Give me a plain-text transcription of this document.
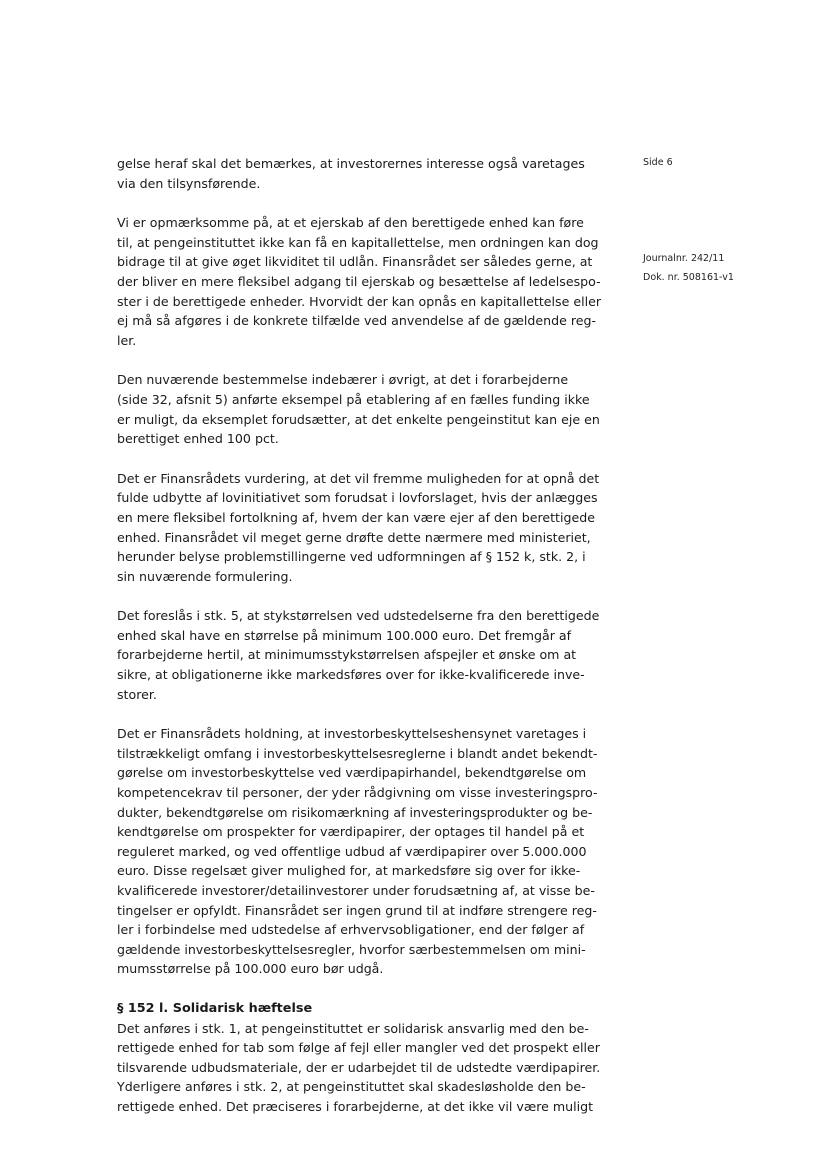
gelse heraf skal det bemærkes, at investorernes interesse også varetages
via den tilsynsførende.

Vi er opmærksomme på, at et ejerskab af den berettigede enhed kan føre
til, at pengeinstituttet ikke kan få en kapitallettelse, men ordningen kan dog
bidrage til at give øget likviditet til udlån. Finansrådet ser således gerne, at
der bliver en mere fleksibel adgang til ejerskab og besættelse af ledelsespo-
ster i de berettigede enheder. Hvorvidt der kan opnås en kapitallettelse eller
ej må så afgøres i de konkrete tilfælde ved anvendelse af de gældende reg-
ler.

Den nuværende bestemmelse indebærer i øvrigt, at det i forarbejderne
(side 32, afsnit 5) anførte eksempel på etablering af en fælles funding ikke
er muligt, da eksemplet forudsætter, at det enkelte pengeinstitut kan eje en
berettiget enhed 100 pct.

Det er Finansrådets vurdering, at det vil fremme muligheden for at opnå det
fulde udbytte af lovinitiativet som forudsat i lovforslaget, hvis der anlægges
en mere fleksibel fortolkning af, hvem der kan være ejer af den berettigede
enhed. Finansrådet vil meget gerne drøfte dette nærmere med ministeriet,
herunder belyse problemstillingerne ved udformningen af § 152 k, stk. 2, i
sin nuværende formulering.

Det foreslås i stk. 5, at stykstørrelsen ved udstedelserne fra den berettigede
enhed skal have en størrelse på minimum 100.000 euro. Det fremgår af
forarbejderne hertil, at minimumsstykstørrelsen afspejler et ønske om at
sikre, at obligationerne ikke markedsføres over for ikke-kvalificerede inve-
storer.

Det er Finansrådets holdning, at investorbeskyttelseshensynet varetages i
tilstrækkeligt omfang i investorbeskyttelsesreglerne i blandt andet bekendt-
gørelse om investorbeskyttelse ved værdipapirhandel, bekendtgørelse om
kompetencekrav til personer, der yder rådgivning om visse investeringspro-
dukter, bekendtgørelse om risikomærkning af investeringsprodukter og be-
kendtgørelse om prospekter for værdipapirer, der optages til handel på et
reguleret marked, og ved offentlige udbud af værdipapirer over 5.000.000
euro. Disse regelsæt giver mulighed for, at markedsføre sig over for ikke-
kvalificerede investorer/detailinvestorer under forudsætning af, at visse be-
tingelser er opfyldt. Finansrådet ser ingen grund til at indføre strengere reg-
ler i forbindelse med udstedelse af erhvervsobligationer, end der følger af
gældende investorbeskyttelsesregler, hvorfor særbestemmelsen om mini-
mumsstørrelse på 100.000 euro bør udgå.

§ 152 l. Solidarisk hæftelse

Det anføres i stk. 1, at pengeinstituttet er solidarisk ansvarlig med den be-
rettigede enhed for tab som følge af fejl eller mangler ved det prospekt eller
tilsvarende udbudsmateriale, der er udarbejdet til de udstedte værdipapirer.
Yderligere anføres i stk. 2, at pengeinstituttet skal skadesløsholde den be-
rettigede enhed. Det præciseres i forarbejderne, at det ikke vil være muligt

Side 6
Journalnr. 242/11
Dok. nr. 508161-v1
